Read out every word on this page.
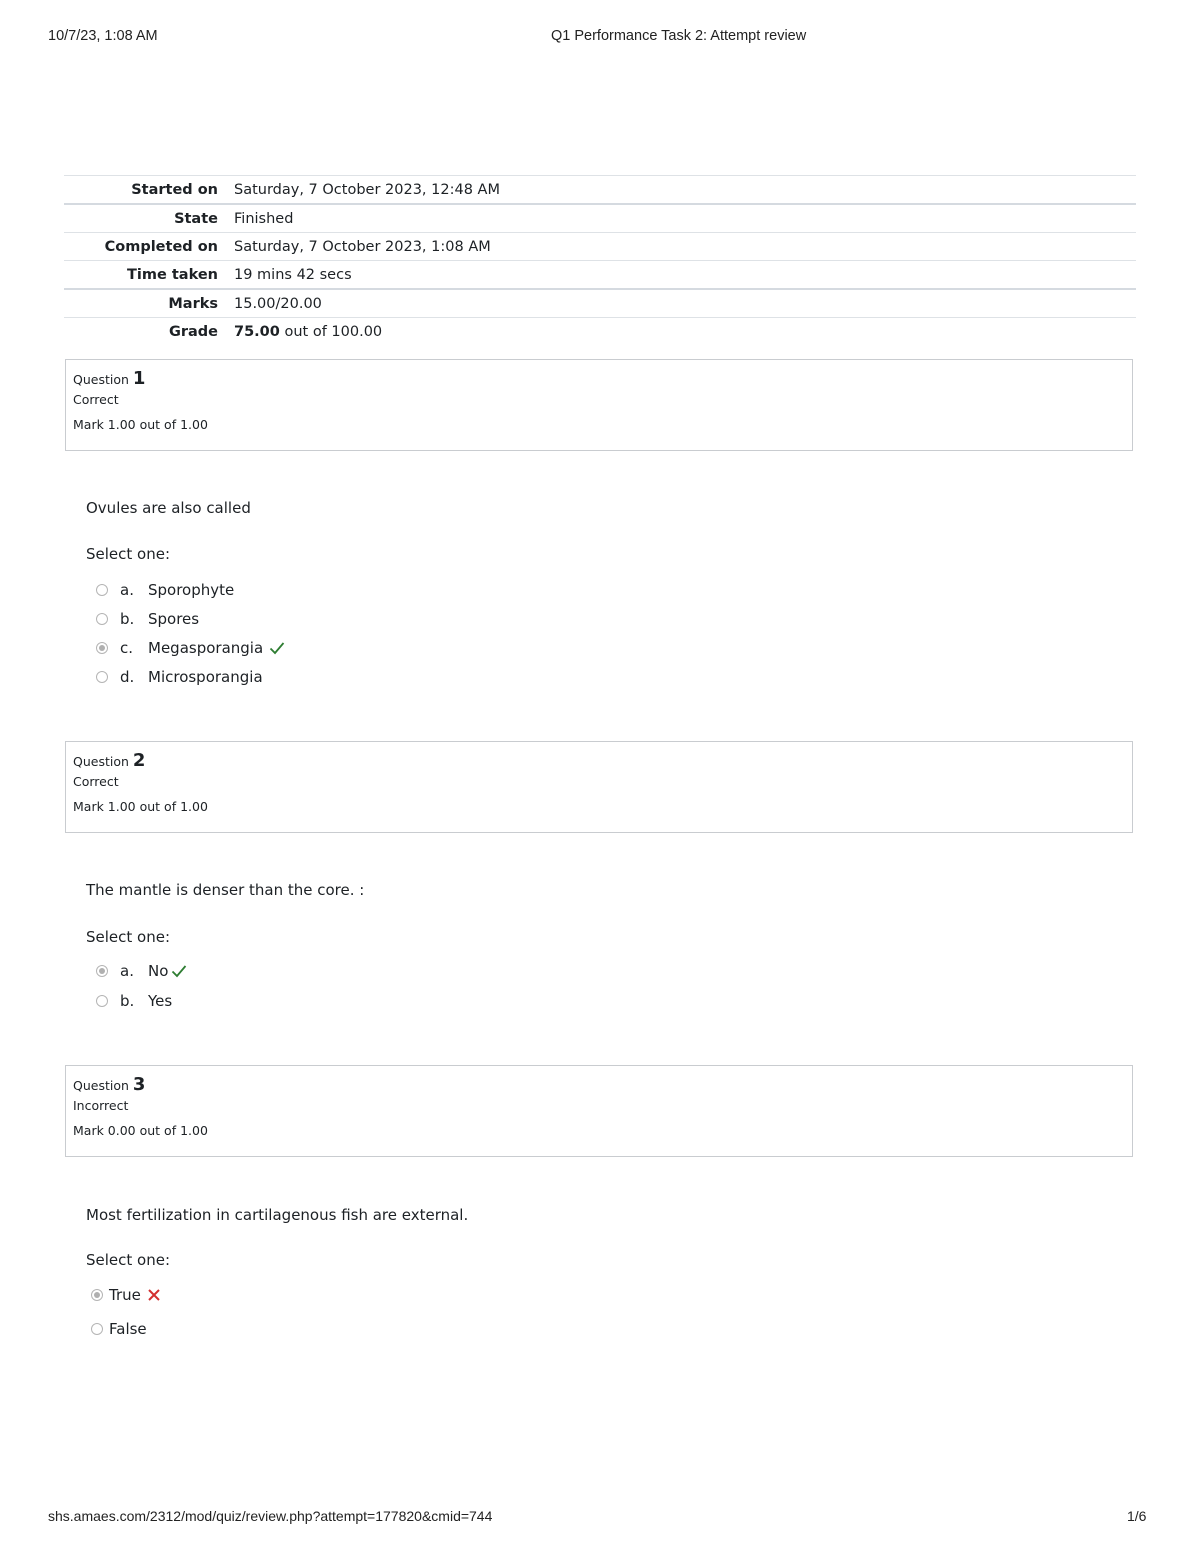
10/7/23, 1:08 AM	Q1 Performance Task 2: Attempt review
Started on	Saturday, 7 October 2023, 12:48 AM
State	Finished
Completed on	Saturday, 7 October 2023, 1:08 AM
Time taken	19 mins 42 secs
Marks	15.00/20.00
Grade	75.00 out of 100.00
Question 1
Correct
Mark 1.00 out of 1.00
Ovules are also called
Select one:
a. Sporophyte
b. Spores
c. Megasporangia
d. Microsporangia
Question 2
Correct
Mark 1.00 out of 1.00
The mantle is denser than the core. :
Select one:
a. No
b. Yes
Question 3
Incorrect
Mark 0.00 out of 1.00
Most fertilization in cartilagenous fish are external.
Select one:
True
False
shs.amaes.com/2312/mod/quiz/review.php?attempt=177820&cmid=744	1/6
